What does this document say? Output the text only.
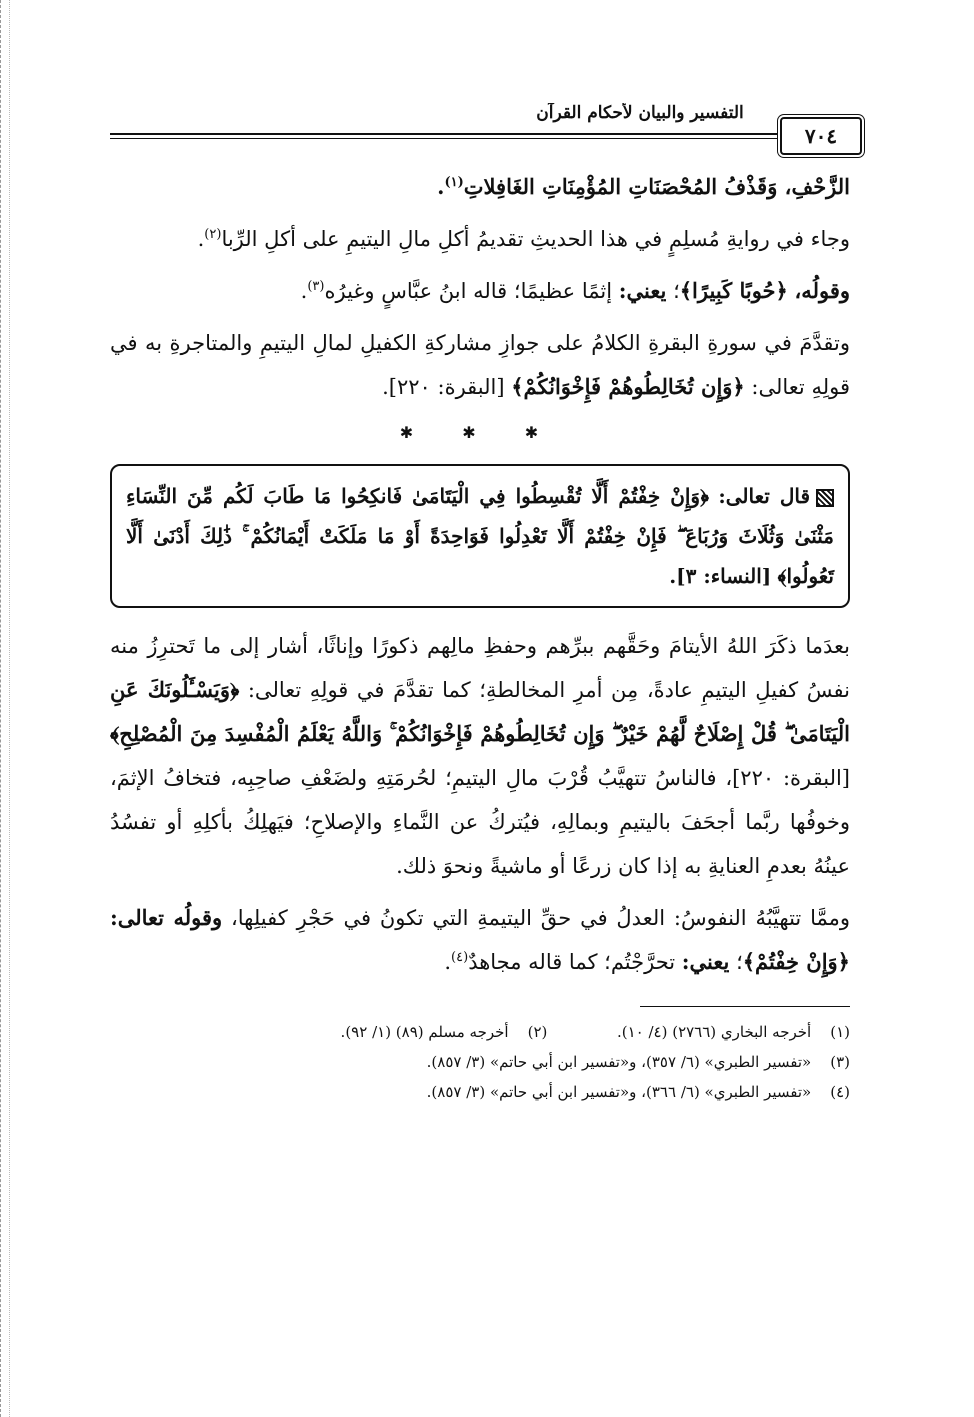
التفسير والبيان لأحكام القرآن
٧٠٤

الزَّحْفِ، وَقَذْفُ المُحْصَنَاتِ المُؤْمِنَاتِ الغَافِلاتِ$^{(١)}$.

وجاء في روايةِ مُسلِمٍ في هذا الحديثِ تقديمُ أكلِ مالِ اليتيمِ على أكلِ الرِّبا$^{(٢)}$.

وقولُه، ﴿حُوبًا كَبِيرًا﴾؛ يعني: إثمًا عظيمًا؛ قاله ابنُ عبَّاسٍ وغيرُه$^{(٣)}$.

وتقدَّمَ في سورةِ البقرةِ الكلامُ على جوازِ مشاركةِ الكفيلِ لمالِ اليتيمِ والمتاجرةِ به في قولِهِ تعالى: ﴿وَإِن تُخَالِطُوهُمْ فَإِخْوَانُكُمْ﴾ [البقرة: ٢٢٠].

✱ ✱ ✱

قال تعالى: ﴿وَإِنْ خِفْتُمْ أَلَّا تُقْسِطُوا فِي الْيَتَامَىٰ فَانكِحُوا مَا طَابَ لَكُم مِّنَ النِّسَاءِ مَثْنَىٰ وَثُلَاثَ وَرُبَاعَ ۖ فَإِنْ خِفْتُمْ أَلَّا تَعْدِلُوا فَوَاحِدَةً أَوْ مَا مَلَكَتْ أَيْمَانُكُمْ ۚ ذَٰلِكَ أَدْنَىٰ أَلَّا تَعُولُوا﴾ [النساء: ٣].

بعدَما ذكَرَ اللهُ الأيتامَ وحَقَّهم ببرِّهم وحفظِ مالِهم ذكورًا وإناثًا، أشار إلى ما تَحترِزُ منه نفسُ كفيلِ اليتيمِ عادةً، مِن أمرِ المخالطةِ؛ كما تقدَّمَ في قولِهِ تعالى: ﴿وَيَسْـَٔلُونَكَ عَنِ الْيَتَامَىٰ ۖ قُلْ إِصْلَاحٌ لَّهُمْ خَيْرٌ ۖ وَإِن تُخَالِطُوهُمْ فَإِخْوَانُكُمْ ۚ وَاللَّهُ يَعْلَمُ الْمُفْسِدَ مِنَ الْمُصْلِحِ﴾ [البقرة: ٢٢٠]، فالناسُ تتهيَّبُ قُرْبَ مالِ اليتيمِ؛ لحُرمَتِهِ ولضَعْفِ صاحِبِه، فتخافُ الإثمَ، وخوفُها ربَّما أجحَفَ باليتيمِ وبمالِهِ، فيُتركُ عن النَّماءِ والإصلاحِ؛ فيَهلِكُ بأكلِهِ أو تفسُدُ عينُهُ بعدمِ العنايةِ به إذا كان زرعًا أو ماشيةً ونحوَ ذلك.

وممَّا تتهيَّبُهُ النفوسُ: العدلُ في حقِّ اليتيمةِ التي تكونُ في حَجْرِ كفيلِها، وقولُه تعالى: ﴿وَإِنْ خِفْتُمْ﴾؛ يعني: تحرَّجْتُم؛ كما قاله مجاهدٌ$^{(٤)}$.

(١) أخرجه البخاري (٢٧٦٦) (٤/ ١٠).  (٢) أخرجه مسلم (٨٩) (١/ ٩٢).

(٣) «تفسير الطبري» (٦/ ٣٥٧)، و«تفسير ابن أبي حاتم» (٣/ ٨٥٧).

(٤) «تفسير الطبري» (٦/ ٣٦٦)، و«تفسير ابن أبي حاتم» (٣/ ٨٥٧).
